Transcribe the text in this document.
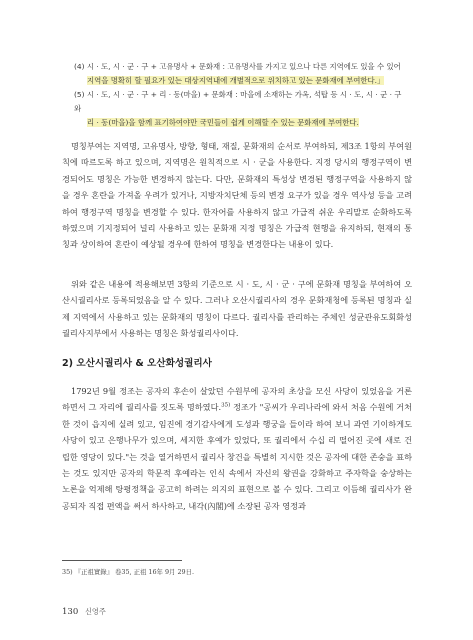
(4) 시 · 도, 시 · 군 · 구 + 고유명사 + 문화재 : 고유명사를 가지고 있으나 다른 지역에도 있을 수 있어

지역을 명확히 할 필요가 있는 대상지역내에 개별적으로 위치하고 있는 문화재에 부여한다.」

(5) 시 · 도, 시 · 군 · 구 + 리 · 동(마을) + 문화재 : 마을에 소재하는 가옥, 석탑 등 시 · 도, 시 · 군 · 구와

리 · 동(마을)을 함께 표기하여야만 국민들이 쉽게 이해할 수 있는 문화재에 부여한다.

명칭부여는 지역명, 고유명사, 방향, 형태, 재질, 문화재의 순서로 부여하되, 제3조 1항의 부여원칙에 따르도록 하고 있으며, 지역명은 원칙적으로 시 · 군을 사용한다. 지정 당시의 행정구역이 변경되어도 명칭은 가능한 변경하지 않는다. 다만, 문화재의 특성상 변경된 행정구역을 사용하지 않을 경우 혼란을 가져올 우려가 있거나, 지방자치단체 등의 변경 요구가 있을 경우 역사성 등을 고려하여 행정구역 명칭을 변경할 수 있다. 한자어를 사용하지 않고 가급적 쉬운 우리말로 순화하도록 하였으며 기지정되어 널리 사용하고 있는 문화재 지정 명칭은 가급적 현행을 유지하되, 현재의 통칭과 상이하여 혼란이 예상될 경우에 한하여 명칭을 변경한다는 내용이 있다.

위와 같은 내용에 적용해보면 3항의 기준으로 시 · 도, 시 · 군 · 구에 문화재 명칭을 부여하여 오산시궐리사로 등록되었음을 알 수 있다. 그러나 오산시궐리사의 경우 문화재청에 등록된 명칭과 실제 지역에서 사용하고 있는 문화재의 명칭이 다르다. 궐리사를 관리하는 주체인 성균관유도회화성궐리사지부에서 사용하는 명칭은 화성궐리사이다.

2) 오산시궐리사 & 오산화성궐리사

1792년 9월 정조는 공자의 후손이 살았던 수원부에 공자의 초상을 모신 사당이 있었음을 거론하면서 그 자리에 궐리사를 짓도록 명하였다.$^{35)}$ 정조가 "공씨가 우리나라에 와서 처음 수원에 거처한 것이 읍지에 실려 있고, 임진에 경기감사에게 도성과 행궁을 들이라 하여 보니 과연 기이하게도 사당이 있고 은행나무가 있으며, 세지한 후예가 있었다, 또 궐리에서 수십 리 떨어진 곳에 새로 건립한 영당이 있다."는 것을 열거하면서 궐리사 창건을 특별히 지시한 것은 공자에 대한 존숭을 표하는 것도 있지만 공자의 학문적 후예라는 인식 속에서 자신의 왕권을 강화하고 주자학을 숭상하는 노론을 억제해 탕평정책을 공고히 하려는 의지의 표현으로 볼 수 있다. 그리고 이듬해 궐리사가 완공되자 직접 편액을 써서 하사하고, 내각(內閣)에 소장된 공자 영정과

35) 『正祖實錄』 卷35, 正祖 16年 9月 29日.
130 신영주
